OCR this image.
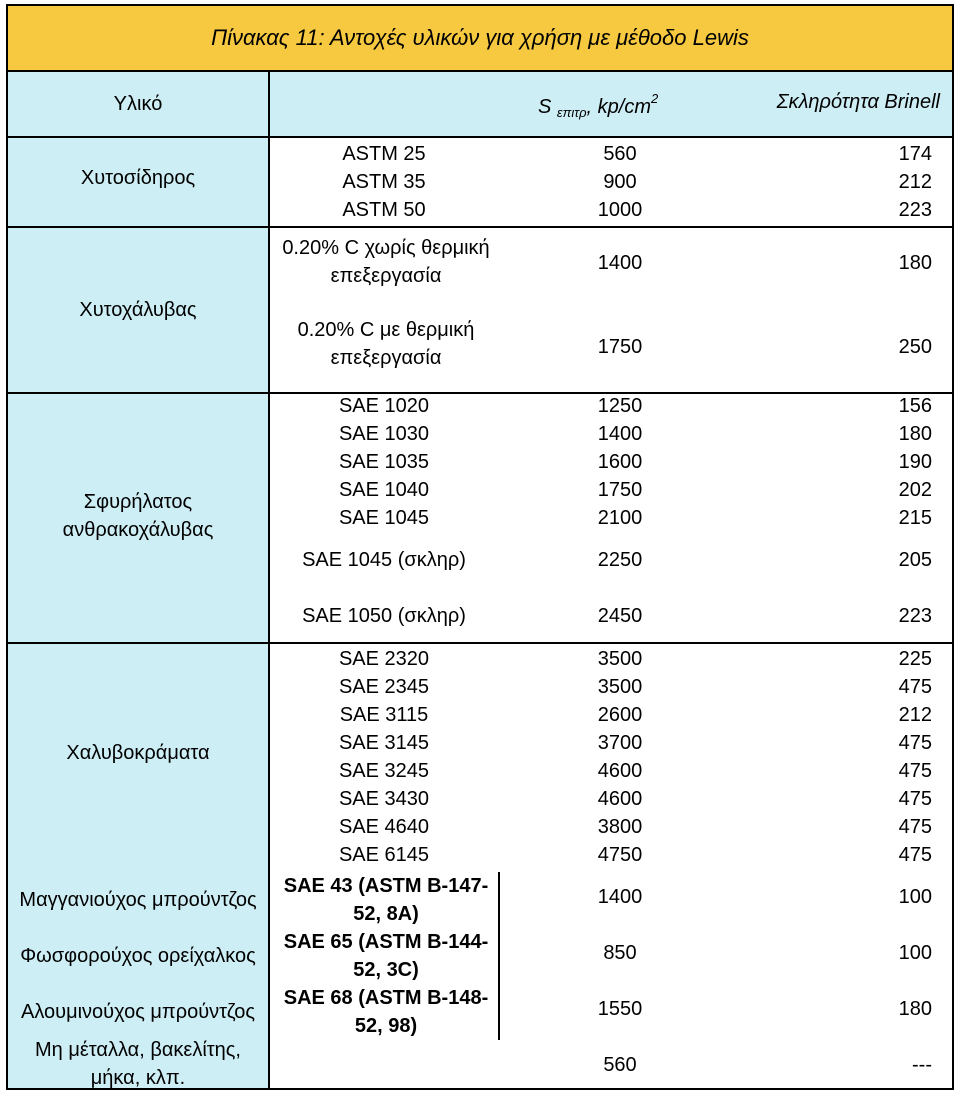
Πίνακας 11: Αντοχές υλικών για χρήση με μέθοδο Lewis
Υλικό	S $_{\varepsilon\pi\iota\tau\rho}$, $kp/cm^2$	Σκληρότητα Brinell
Χυτοσίδηρος
ASTM 25	560	174
ASTM 35	900	212
ASTM 50	1000	223
Χυτοχάλυβας
0.20% C χωρίς θερμική επεξεργασία
1400	180
0.20% C με θερμική επεξεργασία	1750	250
Σφυρήλατος ανθρακοχάλυβας
SAE 1020	1250	156
SAE 1030	1400	180
SAE 1035	1600	190
SAE 1040	1750	202
SAE 1045	2100	215
SAE 1045 (σκληρ)	2250	205
SAE 1050 (σκληρ)	2450	223
Χαλυβοκράματα
SAE 2320	3500	225
SAE 2345	3500	475
SAE 3115	2600	212
SAE 3145	3700	475
SAE 3245	4600	475
SAE 3430	4600	475
SAE 4640	3800	475
SAE 6145	4750	475
Μαγγανιούχος μπρούντζος
SAE 43 (ASTM B-147-
52, 8A)
1400	100
Φωσφορούχος ορείχαλκος
SAE 65 (ASTM B-144-
52, 3C)
850	100
Αλουμινούχος μπρούντζος
SAE 68 (ASTM B-148-
52, 98)
1550	180
Μη μέταλλα, βακελίτης, μήκα, κλπ.
560	---
